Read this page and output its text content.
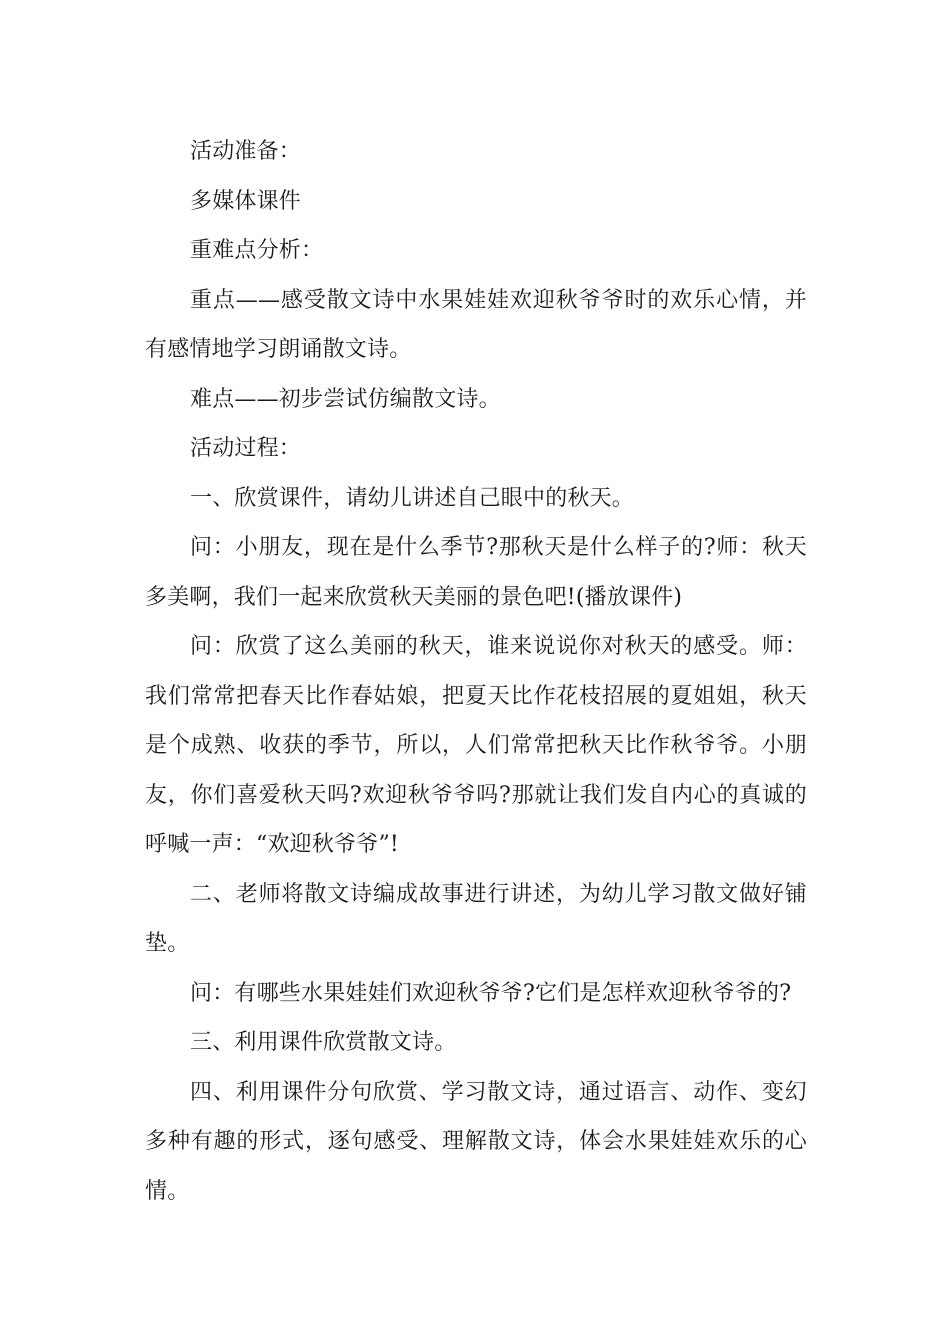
活动准备：

多媒体课件

重难点分析：

重点——感受散文诗中水果娃娃欢迎秋爷爷时的欢乐心情，并有感情地学习朗诵散文诗。

难点——初步尝试仿编散文诗。

活动过程：

一、欣赏课件，请幼儿讲述自己眼中的秋天。

问：小朋友，现在是什么季节?那秋天是什么样子的?师：秋天多美啊，我们一起来欣赏秋天美丽的景色吧!(播放课件)

问：欣赏了这么美丽的秋天，谁来说说你对秋天的感受。师：我们常常把春天比作春姑娘，把夏天比作花枝招展的夏姐姐，秋天是个成熟、收获的季节，所以，人们常常把秋天比作秋爷爷。小朋友，你们喜爱秋天吗?欢迎秋爷爷吗?那就让我们发自内心的真诚的呼喊一声：“欢迎秋爷爷”!

二、老师将散文诗编成故事进行讲述，为幼儿学习散文做好铺垫。

问：有哪些水果娃娃们欢迎秋爷爷?它们是怎样欢迎秋爷爷的?

三、利用课件欣赏散文诗。

四、利用课件分句欣赏、学习散文诗，通过语言、动作、变幻多种有趣的形式，逐句感受、理解散文诗，体会水果娃娃欢乐的心情。
